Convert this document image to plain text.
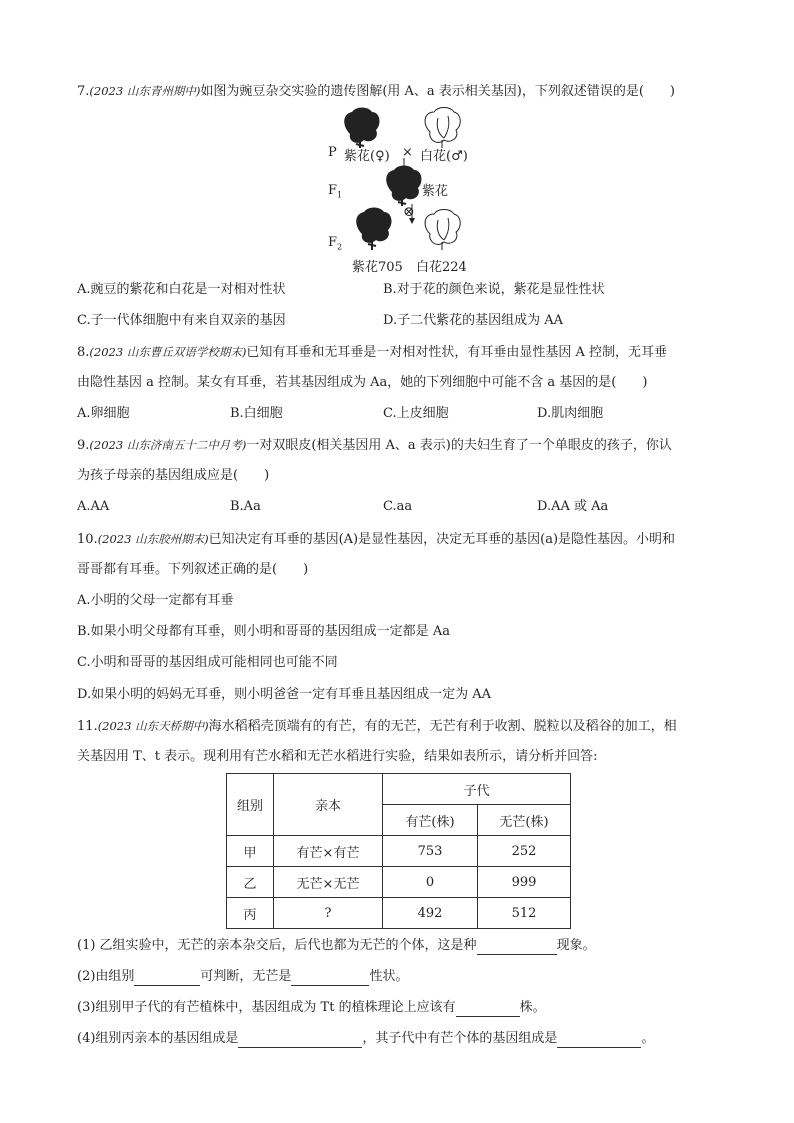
7.(2023 山东青州期中)如图为豌豆杂交实验的遗传图解(用 A、a 表示相关基因)，下列叙述错误的是(　　)
P 紫花(♀) × 白花(♂)
$F_1$	紫花
⊗
$F_2$
紫花705 白花224
A.豌豆的紫花和白花是一对相对性状	B.对于花的颜色来说，紫花是显性性状
C.子一代体细胞中有来自双亲的基因	D.子二代紫花的基因组成为 AA
8.(2023 山东曹丘双语学校期末)已知有耳垂和无耳垂是一对相对性状，有耳垂由显性基因 A 控制，无耳垂
由隐性基因 a 控制。某女有耳垂，若其基因组成为 Aa，她的下列细胞中可能不含 a 基因的是(　　)
A.卵细胞	B.白细胞	C.上皮细胞	D.肌肉细胞
9.(2023 山东济南五十二中月考)一对双眼皮(相关基因用 A、a 表示)的夫妇生育了一个单眼皮的孩子，你认
为孩子母亲的基因组成应是(　　)
A.AA	B.Aa	C.aa	D.AA 或 Aa
10.(2023 山东胶州期末)已知决定有耳垂的基因(A)是显性基因，决定无耳垂的基因(a)是隐性基因。小明和
哥哥都有耳垂。下列叙述正确的是(　　)
A.小明的父母一定都有耳垂
B.如果小明父母都有耳垂，则小明和哥哥的基因组成一定都是 Aa
C.小明和哥哥的基因组成可能相同也可能不同
D.如果小明的妈妈无耳垂，则小明爸爸一定有耳垂且基因组成一定为 AA
11.(2023 山东天桥期中)海水稻稻壳顶端有的有芒，有的无芒，无芒有利于收割、脱粒以及稻谷的加工，相
关基因用 T、t 表示。现利用有芒水稻和无芒水稻进行实验，结果如表所示，请分析并回答:
组别	亲本	子代	
		有芒(株)	无芒(株)
甲	有芒×有芒	753	252
乙	无芒×无芒	0	999
丙	?	492	512
(1) 乙组实验中，无芒的亲本杂交后，后代也都为无芒的个体，这是种	现象。
(2)由组别	可判断，无芒是	性状。
(3)组别甲子代的有芒植株中，基因组成为 Tt 的植株理论上应该有	株。
(4)组别丙亲本的基因组成是	，其子代中有芒个体的基因组成是	。
